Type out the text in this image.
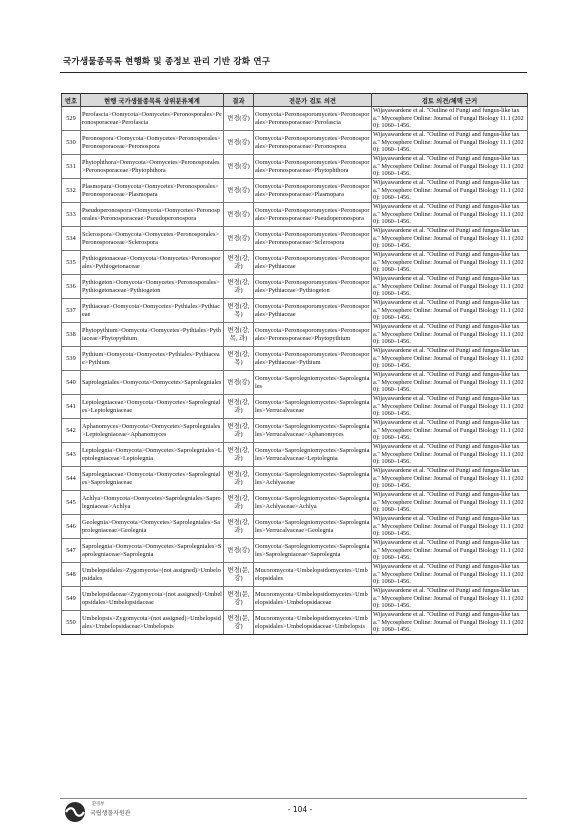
국가생물종목록 현행화 및 종정보 관리 기반 강화 연구
번호	현행 국가생물종목록 상위분류체계	결과	전문가 검토 의견	검토 의견/체택 근거
529	Perofascia>Oomycota>Oomycetes>Peronosporales>Peronosporaceae>Perofascia	변경(강)	Oomycota>Peronosporomycetes>Peronosporales>Peronosporaceae>Perofascia	Wijayawardene et al. "Outline of Fungi and fungus-like taxa." Mycosphere Online: Journal of Fungal Biology 11.1 (2020): 1060–1456.
530	Peronospora>Oomycota>Oomycetes>Peronosporales>Peronosporaceae>Peronospora	변경(강)	Oomycota>Peronosporomycetes>Peronosporales>Peronosporaceae>Peronospora	Wijayawardene et al. "Outline of Fungi and fungus-like taxa." Mycosphere Online: Journal of Fungal Biology 11.1 (2020): 1060–1456.
531	Phytophthora>Oomycota>Oomycetes>Peronosporales>Peronosporaceae>Phytophthora	변경(강)	Oomycota>Peronosporomycetes>Peronosporales>Peronosporaceae>Phytophthora	Wijayawardene et al. "Outline of Fungi and fungus-like taxa." Mycosphere Online: Journal of Fungal Biology 11.1 (2020): 1060–1456.
532	Plasmopara>Oomycota>Oomycetes>Peronosporales>Peronosporaceae>Plasmopara	변경(강)	Oomycota>Peronosporomycetes>Peronosporales>Peronosporaceae>Plasmopara	Wijayawardene et al. "Outline of Fungi and fungus-like taxa." Mycosphere Online: Journal of Fungal Biology 11.1 (2020): 1060–1456.
533	Pseudoperonospora>Oomycota>Oomycetes>Peronosporales>Peronosporaceae>Pseudoperonospora	변경(강)	Oomycota>Peronosporomycetes>Peronosporales>Peronosporaceae>Pseudoperonospora	Wijayawardene et al. "Outline of Fungi and fungus-like taxa." Mycosphere Online: Journal of Fungal Biology 11.1 (2020): 1060–1456.
534	Sclerospora>Oomycota>Oomycetes>Peronosporales>Peronosporaceae>Sclerospora	변경(강)	Oomycota>Peronosporomycetes>Peronosporales>Peronosporaceae>Sclerospora	Wijayawardene et al. "Outline of Fungi and fungus-like taxa." Mycosphere Online: Journal of Fungal Biology 11.1 (2020): 1060–1456.
535	Pythiogetonaceae>Oomycota>Oomycetes>Peronosporales>Pythiogetonaceae	변경(강, 과)	Oomycota>Peronosporomycetes>Peronosporales>Pythiaceae	Wijayawardene et al. "Outline of Fungi and fungus-like taxa." Mycosphere Online: Journal of Fungal Biology 11.1 (2020): 1060–1456.
536	Pythiogeton>Oomycota>Oomycetes>Peronosporales>Pythiogetonaceae>Pythiogeton	변경(강, 과)	Oomycota>Peronosporomycetes>Peronosporales>Pythiaceae>Pythiogeton	Wijayawardene et al. "Outline of Fungi and fungus-like taxa." Mycosphere Online: Journal of Fungal Biology 11.1 (2020): 1060–1456.
537	Pythiaceae>Oomycota>Oomycetes>Pythiales>Pythiaceae	변경(강, 목)	Oomycota>Peronosporomycetes>Peronosporales>Pythiaceae	Wijayawardene et al. "Outline of Fungi and fungus-like taxa." Mycosphere Online: Journal of Fungal Biology 11.1 (2020): 1060–1456.
538	Phytopythium>Oomycota>Oomycetes>Pythiales>Pythiaceae>Phytopythium	변경(강, 목, 과)	Oomycota>Peronosporomycetes>Peronosporales>Peronosporaceae>Phytopythium	Wijayawardene et al. "Outline of Fungi and fungus-like taxa." Mycosphere Online: Journal of Fungal Biology 11.1 (2020): 1060–1456.
539	Pythium>Oomycota>Oomycetes>Pythiales>Pythiaceae>Pythium	변경(강, 목)	Oomycota>Peronosporomycetes>Peronosporales>Pythiaceae>Pythium	Wijayawardene et al. "Outline of Fungi and fungus-like taxa." Mycosphere Online: Journal of Fungal Biology 11.1 (2020): 1060–1456.
540	Saprolegniales>Oomycota>Oomycetes>Saprolegniales	변경(강)	Oomycota>Saprolegniomycetes>Saprolegniales	Wijayawardene et al. "Outline of Fungi and fungus-like taxa." Mycosphere Online: Journal of Fungal Biology 11.1 (2020): 1060–1456.
541	Leptolegniaceae>Oomycota>Oomycetes>Saprolegniales>Leptolegniaceae	변경(강, 과)	Oomycota>Saprolegniomycetes>Saprolegniales>Verrucalvaceae	Wijayawardene et al. "Outline of Fungi and fungus-like taxa." Mycosphere Online: Journal of Fungal Biology 11.1 (2020): 1060–1456.
542	Aphanomyces>Oomycota>Oomycetes>Saprolegniales>Leptolegniaceae>Aphanomyces	변경(강, 과)	Oomycota>Saprolegniomycetes>Saprolegniales>Verrucalvaceae>Aphanomyces	Wijayawardene et al. "Outline of Fungi and fungus-like taxa." Mycosphere Online: Journal of Fungal Biology 11.1 (2020): 1060–1456.
543	Leptolegnia>Oomycota>Oomycetes>Saprolegniales>Leptolegniaceae>Leptolegnia	변경(강, 과)	Oomycota>Saprolegniomycetes>Saprolegniales>Verrucalvaceae>Leptolegnia	Wijayawardene et al. "Outline of Fungi and fungus-like taxa." Mycosphere Online: Journal of Fungal Biology 11.1 (2020): 1060–1456.
544	Saprolegniaceae>Oomycota>Oomycetes>Saprolegniales>Saprolegniaceae	변경(강, 과)	Oomycota>Saprolegniomycetes>Saprolegniales>Achlyaceae	Wijayawardene et al. "Outline of Fungi and fungus-like taxa." Mycosphere Online: Journal of Fungal Biology 11.1 (2020): 1060–1456.
545	Achlya>Oomycota>Oomycetes>Saprolegniales>Saprolegniaceae>Achlya	변경(강, 과)	Oomycota>Saprolegniomycetes>Saprolegniales>Achlyaceae>Achlya	Wijayawardene et al. "Outline of Fungi and fungus-like taxa." Mycosphere Online: Journal of Fungal Biology 11.1 (2020): 1060–1456.
546	Geolegnia>Oomycota>Oomycetes>Saprolegniales>Saprolegniaceae>Geolegnia	변경(강, 과)	Oomycota>Saprolegniomycetes>Saprolegniales>Verrucalvaceae>Geolegnia	Wijayawardene et al. "Outline of Fungi and fungus-like taxa." Mycosphere Online: Journal of Fungal Biology 11.1 (2020): 1060–1456.
547	Saprolegnia>Oomycota>Oomycetes>Saprolegniales>Saprolegniaceae>Saprolegnia	변경(강)	Oomycota>Saprolegniomycetes>Saprolegniales>Saprolegniaceae>Saprolegnia	Wijayawardene et al. "Outline of Fungi and fungus-like taxa." Mycosphere Online: Journal of Fungal Biology 11.1 (2020): 1060–1456.
548	Umbelopsidales>Zygomycota>(not assigned)>Umbelopsidales	변경(문, 강)	Mucoromycota>Umbelopsidomycetes>Umbelopsidales	Wijayawardene et al. "Outline of Fungi and fungus-like taxa." Mycosphere Online: Journal of Fungal Biology 11.1 (2020): 1060–1456.
549	Umbelopsidaceae>Zygomycota>(not assigned)>Umbelopsidales>Umbelopsidaceae	변경(문, 강)	Mucoromycota>Umbelopsidomycetes>Umbelopsidales>Umbelopsidaceae	Wijayawardene et al. "Outline of Fungi and fungus-like taxa." Mycosphere Online: Journal of Fungal Biology 11.1 (2020): 1060–1456.
550	Umbelopsis>Zygomycota>(not assigned)>Umbelopsidales>Umbelopsidaceae>Umbelopsis	변경(문, 강)	Mucoromycota>Umbelopsidomycetes>Umbelopsidales>Umbelopsidaceae>Umbelopsis	Wijayawardene et al. "Outline of Fungi and fungus-like taxa." Mycosphere Online: Journal of Fungal Biology 11.1 (2020): 1060–1456.
환경부
국립생물자원관	- 104 -
